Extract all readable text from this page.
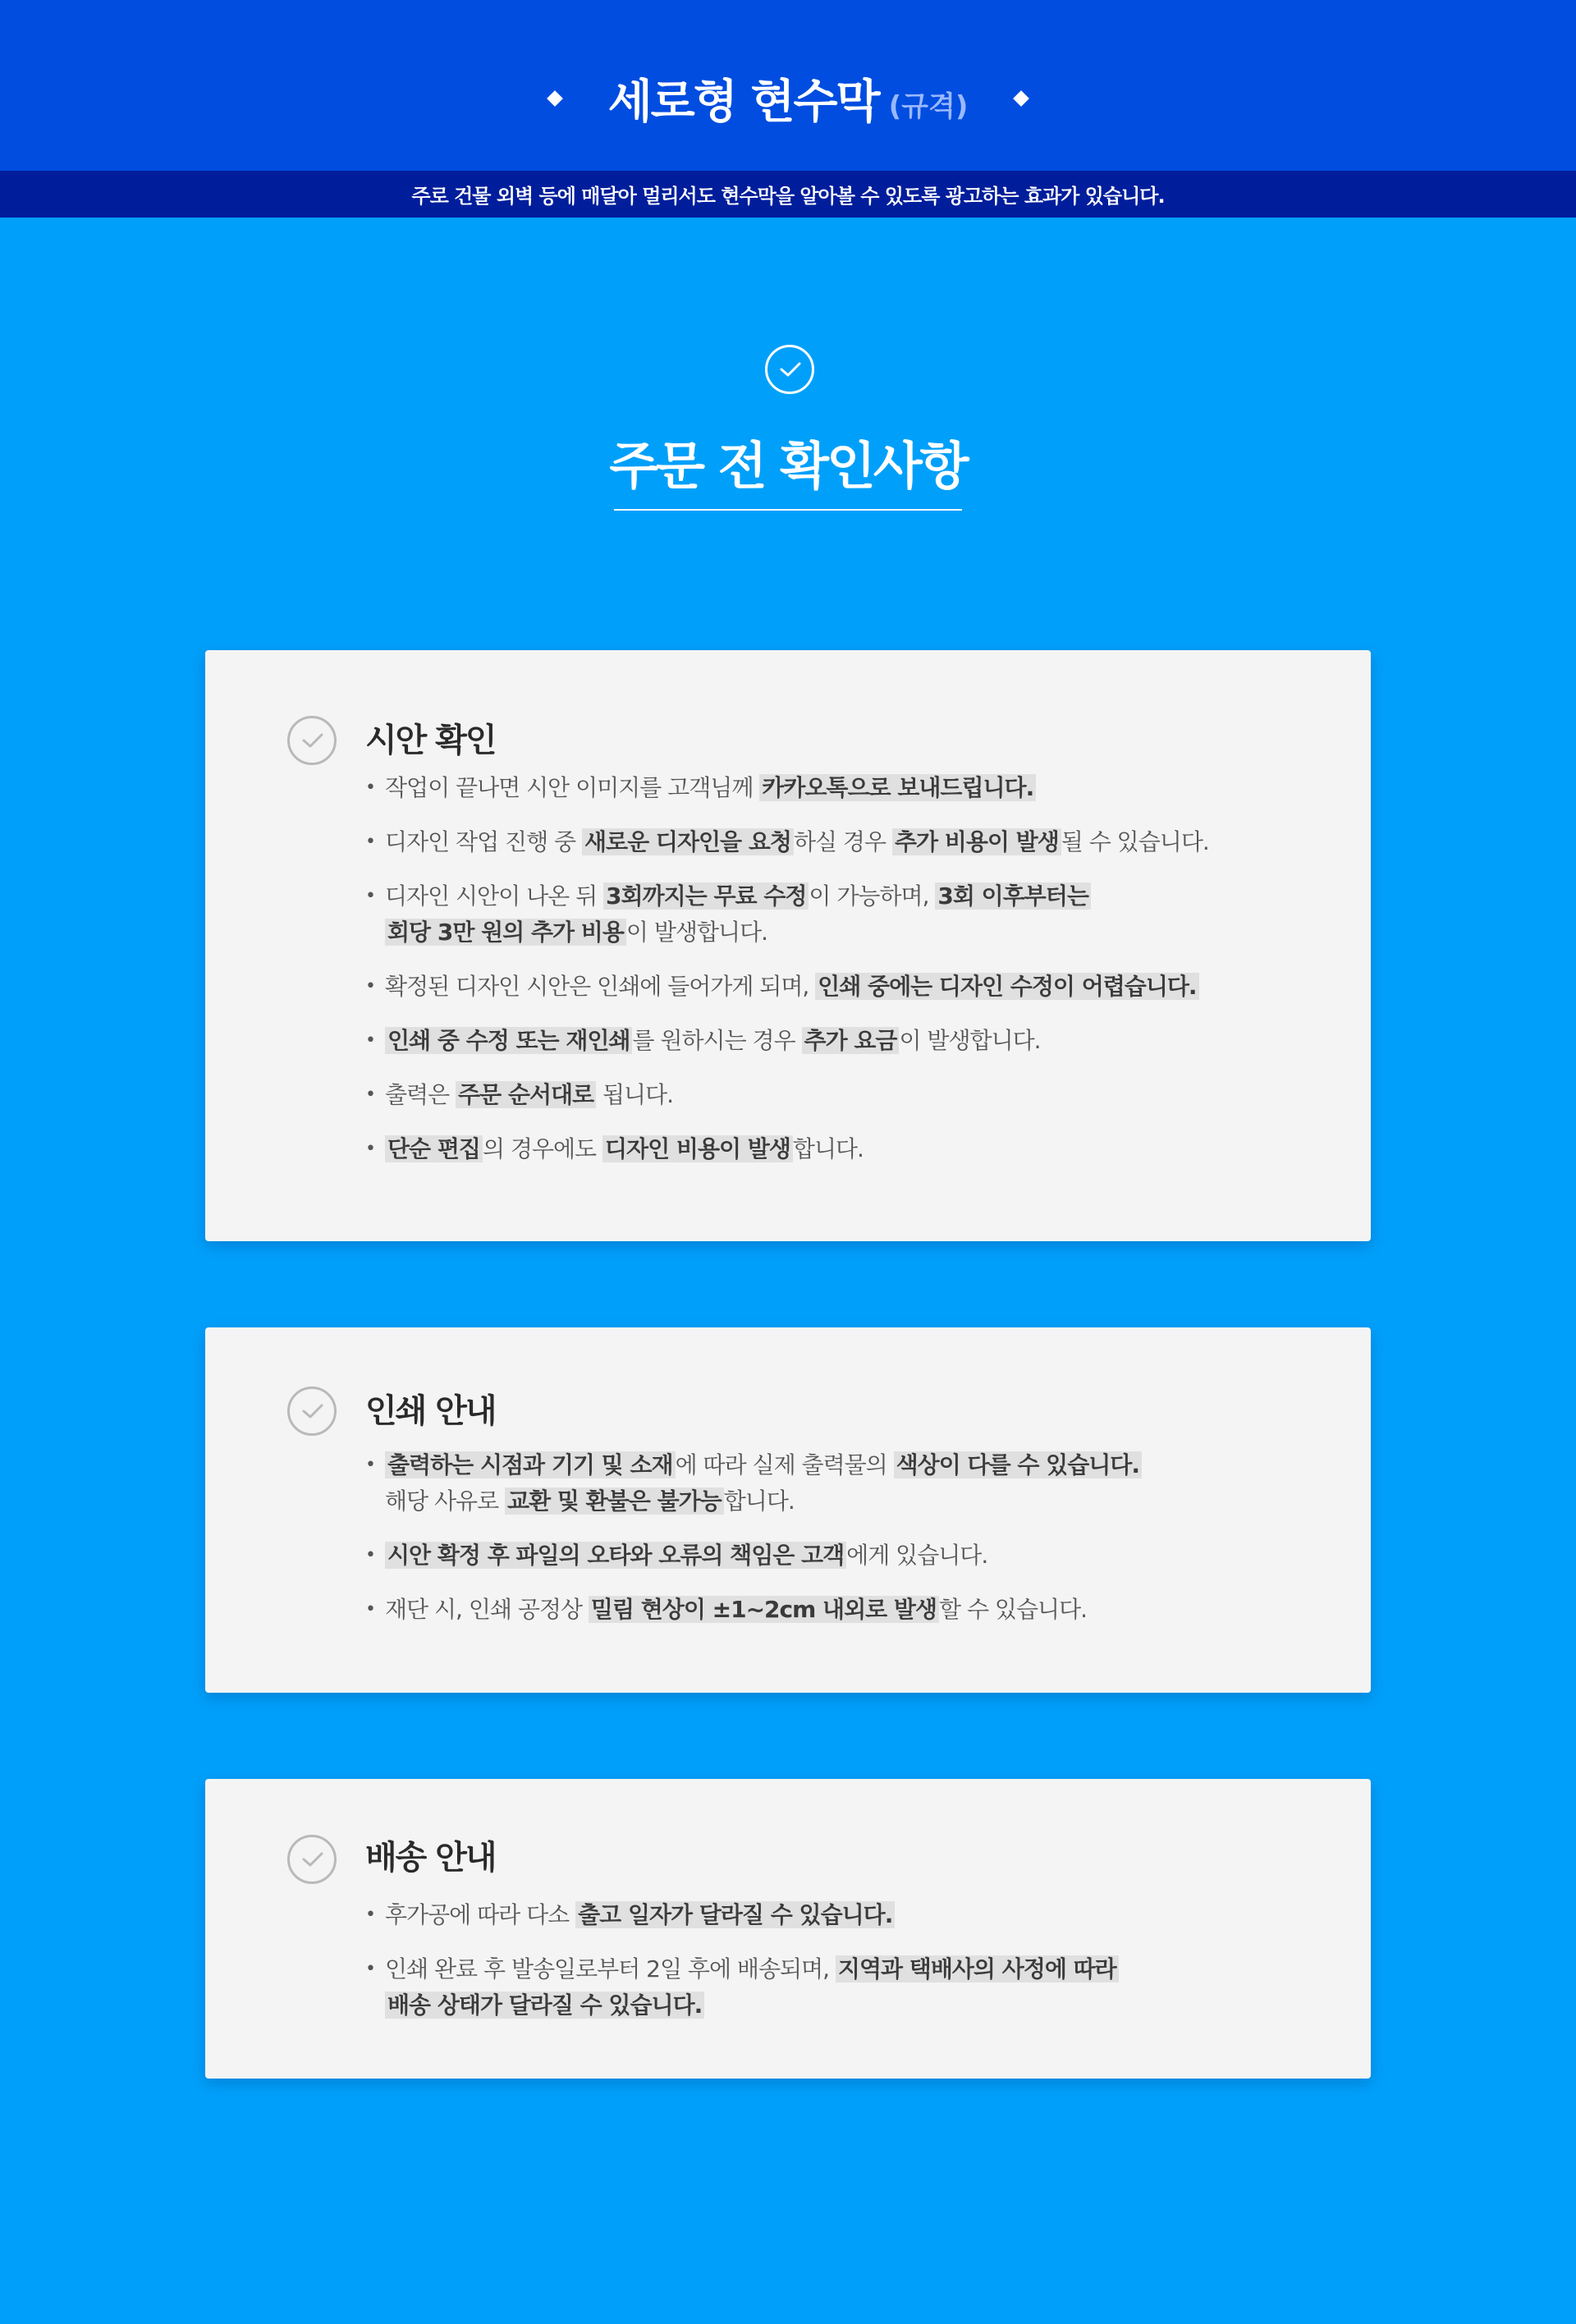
세로형 현수막 (규격)
주로 건물 외벽 등에 매달아 멀리서도 현수막을 알아볼 수 있도록 광고하는 효과가 있습니다.
주문 전 확인사항
시안 확인
• 작업이 끝나면 시안 이미지를 고객님께 카카오톡으로 보내드립니다.
• 디자인 작업 진행 중 새로운 디자인을 요청 하실 경우 추가 비용이 발생 될 수 있습니다.
• 디자인 시안이 나온 뒤 3회까지는 무료 수정 이 가능하며, 3회 이후부터는
회당 3만 원의 추가 비용 이 발생합니다.
• 확정된 디자인 시안은 인쇄에 들어가게 되며, 인쇄 중에는 디자인 수정이 어렵습니다.
• 인쇄 중 수정 또는 재인쇄 를 원하시는 경우 추가 요금 이 발생합니다.
• 출력은 주문 순서대로 됩니다.
• 단순 편집 의 경우에도 디자인 비용이 발생 합니다.
인쇄 안내
• 출력하는 시점과 기기 및 소재 에 따라 실제 출력물의 색상이 다를 수 있습니다.
해당 사유로 교환 및 환불은 불가능 합니다.
• 시안 확정 후 파일의 오타와 오류의 책임은 고객 에게 있습니다.
• 재단 시, 인쇄 공정상 밀림 현상이 ±1~2cm 내외로 발생 할 수 있습니다.
배송 안내
• 후가공에 따라 다소 출고 일자가 달라질 수 있습니다.
• 인쇄 완료 후 발송일로부터 2일 후에 배송되며, 지역과 택배사의 사정에 따라
배송 상태가 달라질 수 있습니다.
